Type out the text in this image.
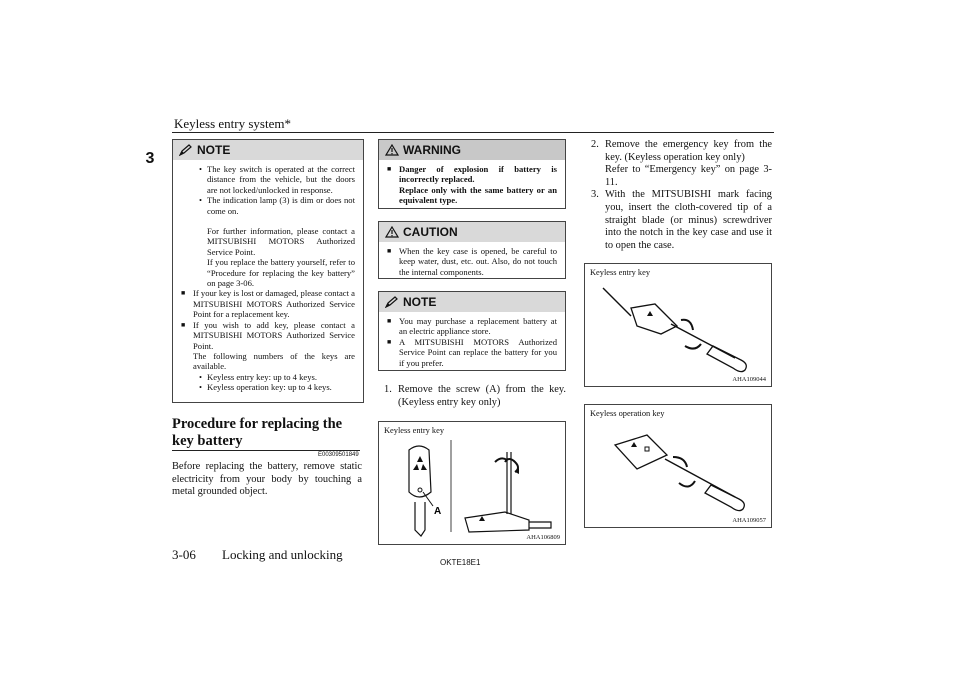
Keyless entry system*
3	NOTE
• The key switch is operated at the correct distance from the vehicle, but the doors are not locked/unlocked in response.
• The indication lamp (3) is dim or does not come on.
For further information, please contact a MITSUBISHI MOTORS Authorized Service Point.
If you replace the battery yourself, refer to “Procedure for replacing the key battery” on page 3-06.
■ If your key is lost or damaged, please contact a MITSUBISHI MOTORS Authorized Service Point for a replacement key.
■ If you wish to add key, please contact a MITSUBISHI MOTORS Authorized Service Point.
The following numbers of the keys are available.
• Keyless entry key: up to 4 keys.
• Keyless operation key: up to 4 keys.
Procedure for replacing the key battery
E00309501849
Before replacing the battery, remove static electricity from your body by touching a metal grounded object.
WARNING
■ Danger of explosion if battery is incorrectly replaced.
Replace only with the same battery or an equivalent type.
CAUTION
■ When the key case is opened, be careful to keep water, dust, etc. out. Also, do not touch the internal components.
NOTE
■ You may purchase a replacement battery at an electric appliance store.
■ A MITSUBISHI MOTORS Authorized Service Point can replace the battery for you if you prefer.
1. Remove the screw (A) from the key. (Keyless entry key only)
Keyless entry key
A
AHA106809
2. Remove the emergency key from the key. (Keyless operation key only)
Refer to “Emergency key” on page 3-11.
3. With the MITSUBISHI mark facing you, insert the cloth-covered tip of a straight blade (or minus) screwdriver into the notch in the key case and use it to open the case.
Keyless entry key
AHA109044
Keyless operation key
AHA109057
3-06 Locking and unlocking
OKTE18E1
